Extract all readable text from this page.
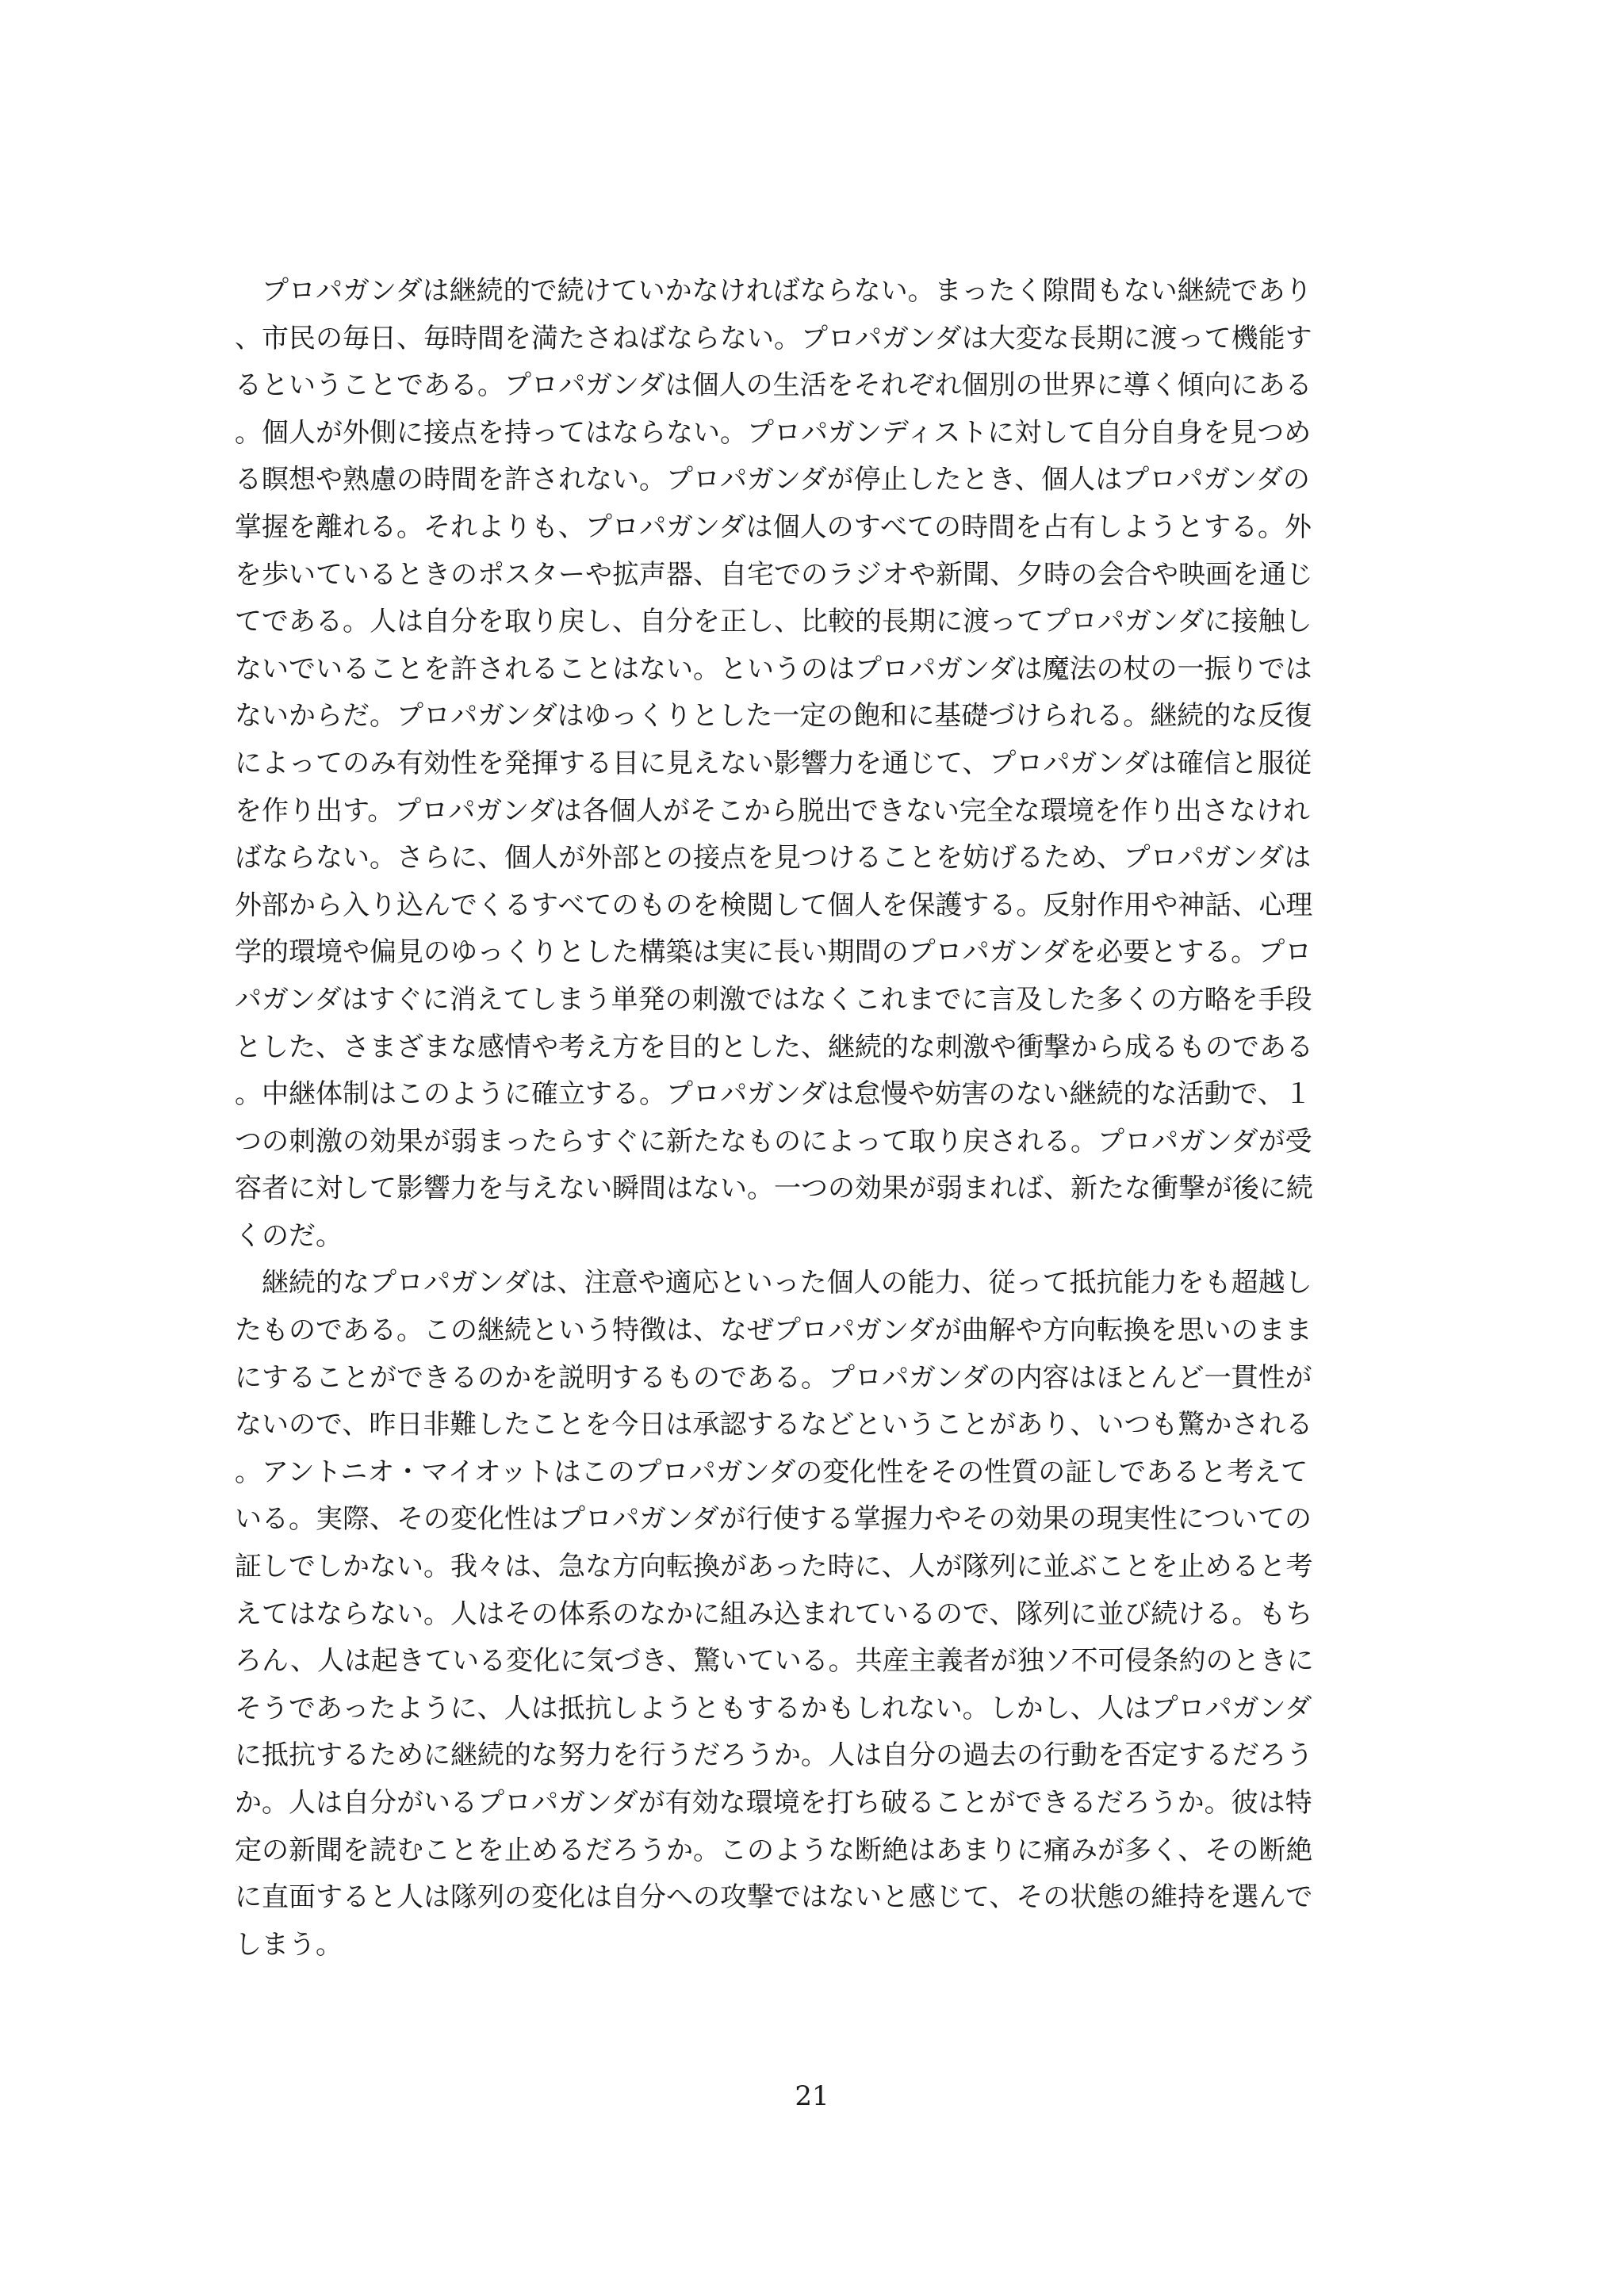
　プロパガンダは継続的で続けていかなければならない。まったく隙間もない継続であり
、市民の毎日、毎時間を満たさねばならない。プロパガンダは大変な長期に渡って機能す
るということである。プロパガンダは個人の生活をそれぞれ個別の世界に導く傾向にある
。個人が外側に接点を持ってはならない。プロパガンディストに対して自分自身を見つめ
る瞑想や熟慮の時間を許されない。プロパガンダが停止したとき、個人はプロパガンダの
掌握を離れる。それよりも、プロパガンダは個人のすべての時間を占有しようとする。外
を歩いているときのポスターや拡声器、自宅でのラジオや新聞、夕時の会合や映画を通じ
てである。人は自分を取り戻し、自分を正し、比較的長期に渡ってプロパガンダに接触し
ないでいることを許されることはない。というのはプロパガンダは魔法の杖の一振りでは
ないからだ。プロパガンダはゆっくりとした一定の飽和に基礎づけられる。継続的な反復
によってのみ有効性を発揮する目に見えない影響力を通じて、プロパガンダは確信と服従
を作り出す。プロパガンダは各個人がそこから脱出できない完全な環境を作り出さなけれ
ばならない。さらに、個人が外部との接点を見つけることを妨げるため、プロパガンダは
外部から入り込んでくるすべてのものを検閲して個人を保護する。反射作用や神話、心理
学的環境や偏見のゆっくりとした構築は実に長い期間のプロパガンダを必要とする。プロ
パガンダはすぐに消えてしまう単発の刺激ではなくこれまでに言及した多くの方略を手段
とした、さまざまな感情や考え方を目的とした、継続的な刺激や衝撃から成るものである
。中継体制はこのように確立する。プロパガンダは怠慢や妨害のない継続的な活動で、１
つの刺激の効果が弱まったらすぐに新たなものによって取り戻される。プロパガンダが受
容者に対して影響力を与えない瞬間はない。一つの効果が弱まれば、新たな衝撃が後に続
くのだ。
　継続的なプロパガンダは、注意や適応といった個人の能力、従って抵抗能力をも超越し
たものである。この継続という特徴は、なぜプロパガンダが曲解や方向転換を思いのまま
にすることができるのかを説明するものである。プロパガンダの内容はほとんど一貫性が
ないので、昨日非難したことを今日は承認するなどということがあり、いつも驚かされる
。アントニオ・マイオットはこのプロパガンダの変化性をその性質の証しであると考えて
いる。実際、その変化性はプロパガンダが行使する掌握力やその効果の現実性についての
証しでしかない。我々は、急な方向転換があった時に、人が隊列に並ぶことを止めると考
えてはならない。人はその体系のなかに組み込まれているので、隊列に並び続ける。もち
ろん、人は起きている変化に気づき、驚いている。共産主義者が独ソ不可侵条約のときに
そうであったように、人は抵抗しようともするかもしれない。しかし、人はプロパガンダ
に抵抗するために継続的な努力を行うだろうか。人は自分の過去の行動を否定するだろう
か。人は自分がいるプロパガンダが有効な環境を打ち破ることができるだろうか。彼は特
定の新聞を読むことを止めるだろうか。このような断絶はあまりに痛みが多く、その断絶
に直面すると人は隊列の変化は自分への攻撃ではないと感じて、その状態の維持を選んで
しまう。
21
